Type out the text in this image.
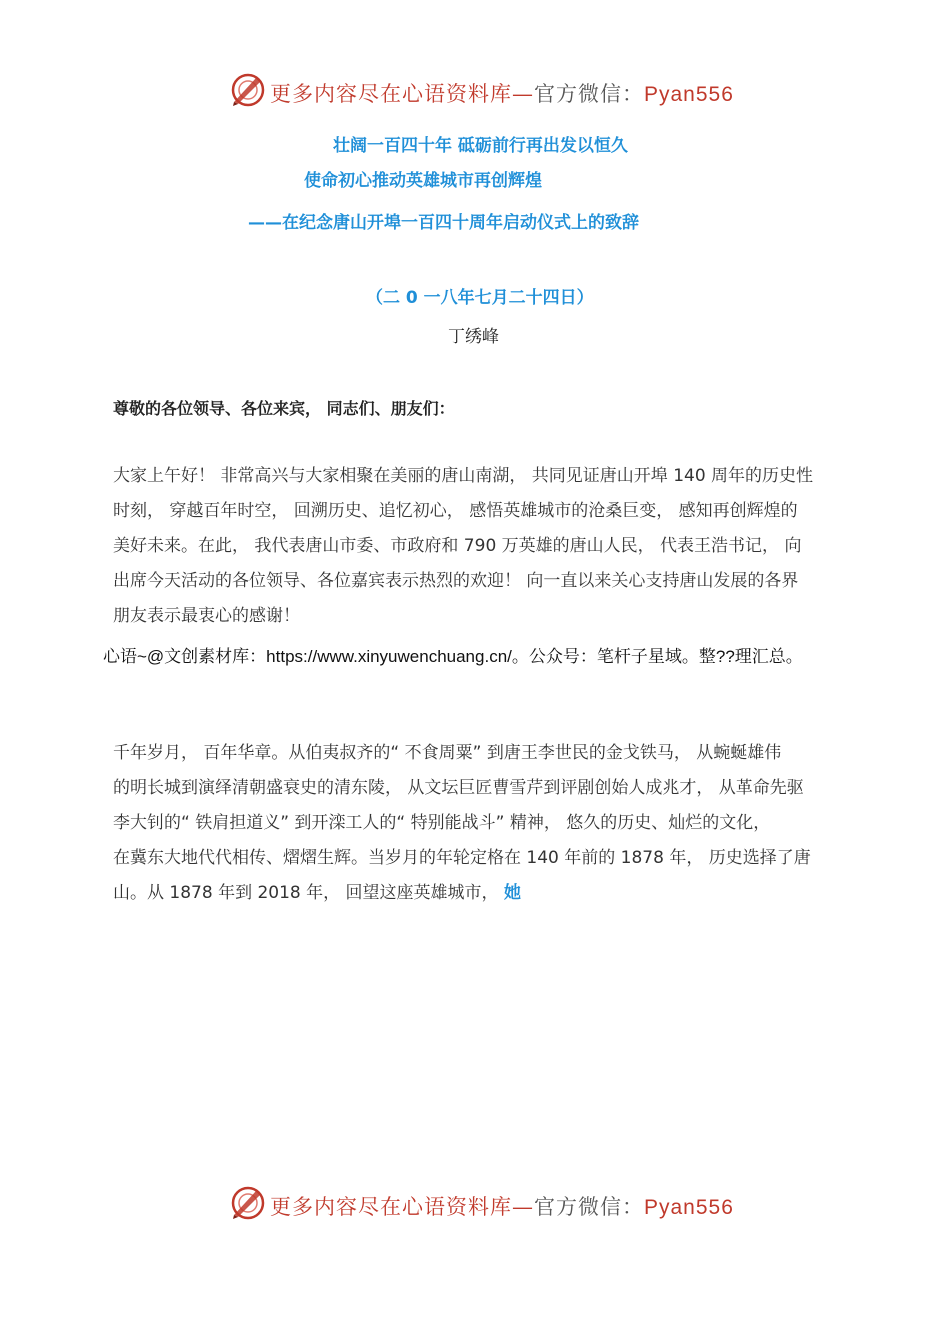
更多内容尽在心语资料库—官方微信：Pyan556
壮阔一百四十年 砥砺前行再出发以恒久
使命初心推动英雄城市再创辉煌
——在纪念唐山开埠一百四十周年启动仪式上的致辞
（二 0 一八年七月二十四日）
丁绣峰
尊敬的各位领导、各位来宾， 同志们、朋友们：
大家上午好！ 非常高兴与大家相聚在美丽的唐山南湖， 共同见证唐山开埠 140 周年的历史性
时刻， 穿越百年时空， 回溯历史、追忆初心， 感悟英雄城市的沧桑巨变， 感知再创辉煌的
美好未来。在此， 我代表唐山市委、市政府和 790 万英雄的唐山人民， 代表王浩书记， 向
出席今天活动的各位领导、各位嘉宾表示热烈的欢迎！ 向一直以来关心支持唐山发展的各界
朋友表示最衷心的感谢！
心语~@文创素材库：https://www.xinyuwenchuang.cn/。公众号：笔杆子星域。整??理汇总。
千年岁月， 百年华章。从伯夷叔齐的“ 不食周粟” 到唐王李世民的金戈铁马， 从蜿蜒雄伟
的明长城到演绎清朝盛衰史的清东陵， 从文坛巨匠曹雪芹到评剧创始人成兆才， 从革命先驱
李大钊的“ 铁肩担道义” 到开滦工人的“ 特别能战斗” 精神， 悠久的历史、灿烂的文化，
在冀东大地代代相传、熠熠生辉。当岁月的年轮定格在 140 年前的 1878 年， 历史选择了唐
山。从 1878 年到 2018 年， 回望这座英雄城市， 她
更多内容尽在心语资料库—官方微信：Pyan556
